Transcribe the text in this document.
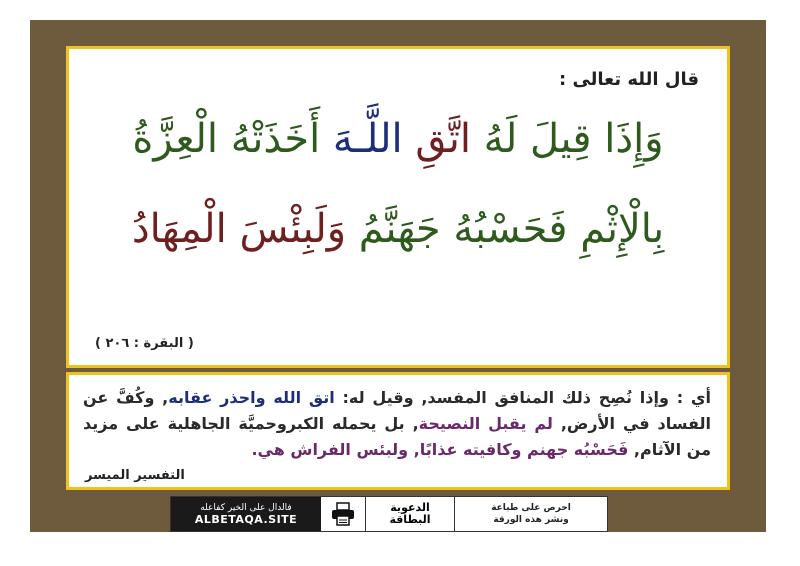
قال الله تعالى :
وَإِذَا قِيلَ لَهُ اتَّقِ اللَّـهَ أَخَذَتْهُ الْعِزَّةُ
بِالْإِثْمِ فَحَسْبُهُ جَهَنَّمُ وَلَبِئْسَ الْمِهَادُ
( البقرة : ٢٠٦ )
أي : وإذا نُصِح ذلك المنافق المفسد, وقيل له: اتق الله واحذر عقابه, وكُفَّ عن الفساد في الأرض, لم يقبل النصيحة, بل يحمله الكبروحميَّة الجاهلية على مزيد من الآثام, فَحَسْبُه جهنم وكافيته عذابًا, ولبئس الفراش هي.
التفسير الميسر
فالدال على الخير كفاعله
ALBETAQA.SITE
الدعوية
البطاقة
احرص على طباعة
ونشر هذه الورقة
